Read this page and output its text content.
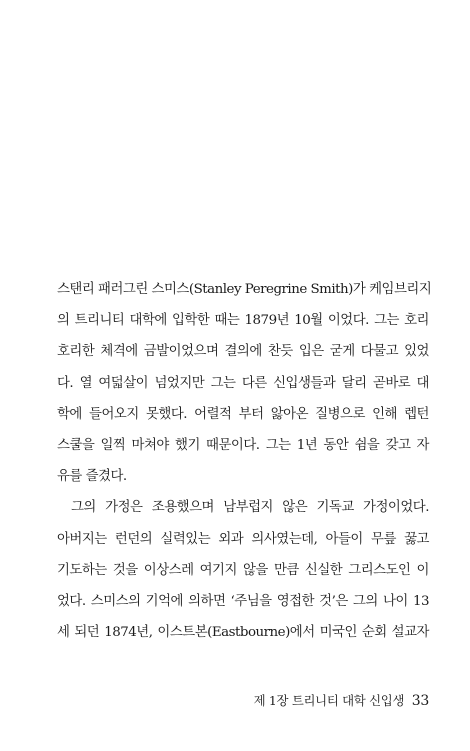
스탠리 패러그린 스미스(Stanley Peregrine Smith)가 케임브리지
의 트리니티 대학에 입학한 때는 1879년 10월 이었다. 그는 호리
호리한 체격에 금발이었으며 결의에 찬듯 입은 굳게 다물고 있었
다. 열 여덟살이 넘었지만 그는 다른 신입생들과 달리 곧바로 대
학에 들어오지 못했다. 어렬적 부터 앓아온 질병으로 인해 렙턴
스쿨을 일찍 마쳐야 했기 때문이다. 그는 1년 동안 쉼을 갖고 자
유를 즐겼다.
그의 가정은 조용했으며 남부럽지 않은 기독교 가정이었다.
아버지는 런던의 실력있는 외과 의사였는데, 아들이 무릎 꿇고
기도하는 것을 이상스레 여기지 않을 만큼 신실한 그리스도인 이
었다. 스미스의 기억에 의하면 ‘주님을 영접한 것’은 그의 나이 13
세 되던 1874년, 이스트본(Eastbourne)에서 미국인 순회 설교자
제 1장 트리니티 대학 신입생 33
